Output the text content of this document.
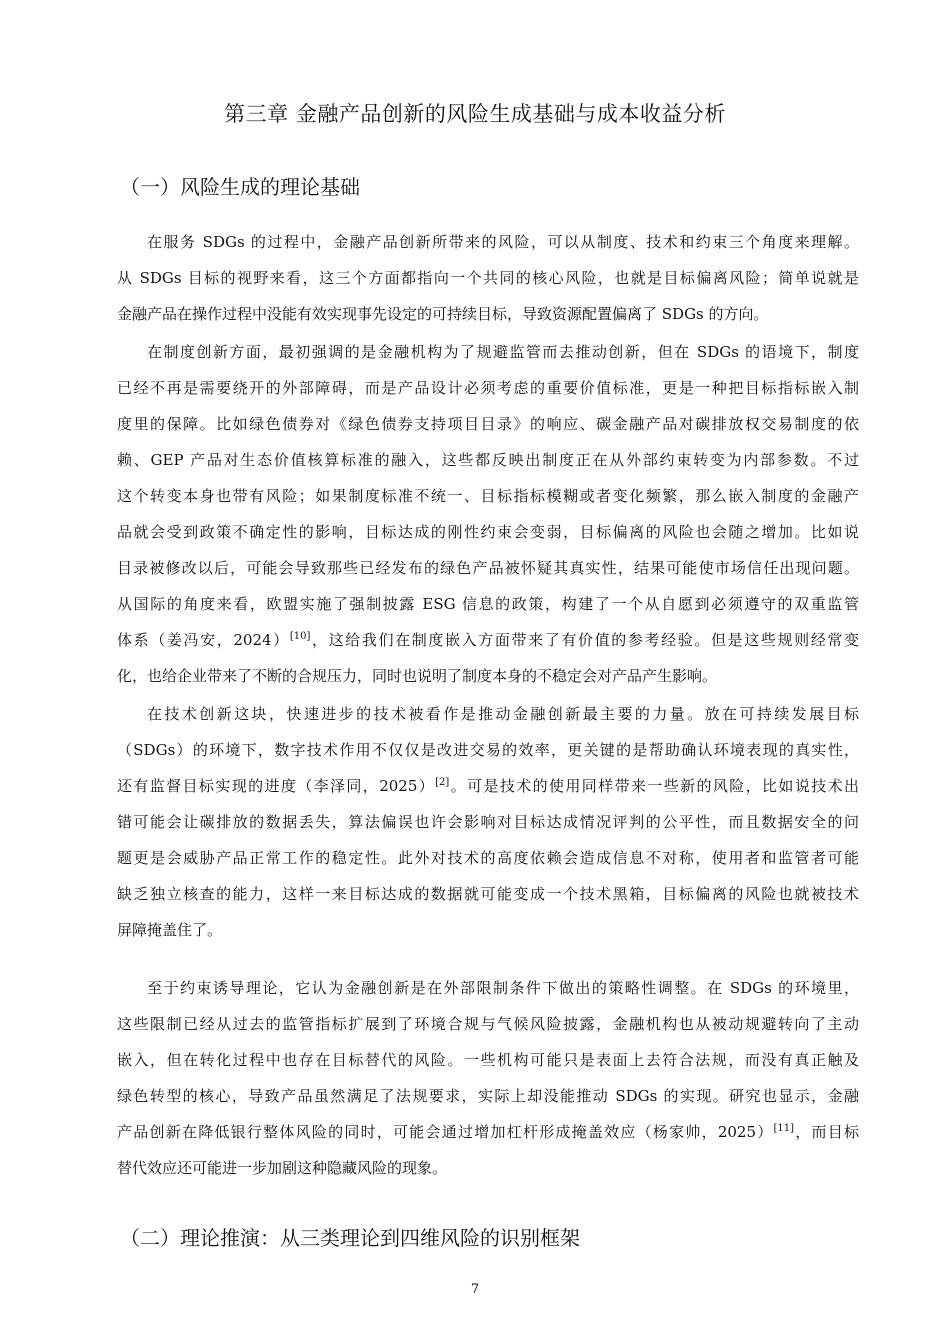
第三章 金融产品创新的风险生成基础与成本收益分析
（一）风险生成的理论基础
在服务 SDGs 的过程中，金融产品创新所带来的风险，可以从制度、技术和约束三个角度来理解。
从 SDGs 目标的视野来看，这三个方面都指向一个共同的核心风险，也就是目标偏离风险；简单说就是
金融产品在操作过程中没能有效实现事先设定的可持续目标，导致资源配置偏离了 SDGs 的方向。
在制度创新方面，最初强调的是金融机构为了规避监管而去推动创新，但在 SDGs 的语境下，制度
已经不再是需要绕开的外部障碍，而是产品设计必须考虑的重要价值标准，更是一种把目标指标嵌入制
度里的保障。比如绿色债券对《绿色债券支持项目目录》的响应、碳金融产品对碳排放权交易制度的依
赖、GEP 产品对生态价值核算标准的融入，这些都反映出制度正在从外部约束转变为内部参数。不过
这个转变本身也带有风险；如果制度标准不统一、目标指标模糊或者变化频繁，那么嵌入制度的金融产
品就会受到政策不确定性的影响，目标达成的刚性约束会变弱，目标偏离的风险也会随之增加。比如说
目录被修改以后，可能会导致那些已经发布的绿色产品被怀疑其真实性，结果可能使市场信任出现问题。
从国际的角度来看，欧盟实施了强制披露 ESG 信息的政策，构建了一个从自愿到必须遵守的双重监管
体系（姜冯安，2024）[10]，这给我们在制度嵌入方面带来了有价值的参考经验。但是这些规则经常变
化，也给企业带来了不断的合规压力，同时也说明了制度本身的不稳定会对产品产生影响。
在技术创新这块，快速进步的技术被看作是推动金融创新最主要的力量。放在可持续发展目标
（SDGs）的环境下，数字技术作用不仅仅是改进交易的效率，更关键的是帮助确认环境表现的真实性，
还有监督目标实现的进度（李泽同，2025）[2]。可是技术的使用同样带来一些新的风险，比如说技术出
错可能会让碳排放的数据丢失，算法偏误也许会影响对目标达成情况评判的公平性，而且数据安全的问
题更是会威胁产品正常工作的稳定性。此外对技术的高度依赖会造成信息不对称，使用者和监管者可能
缺乏独立核查的能力，这样一来目标达成的数据就可能变成一个技术黑箱，目标偏离的风险也就被技术
屏障掩盖住了。
至于约束诱导理论，它认为金融创新是在外部限制条件下做出的策略性调整。在 SDGs 的环境里，
这些限制已经从过去的监管指标扩展到了环境合规与气候风险披露，金融机构也从被动规避转向了主动
嵌入，但在转化过程中也存在目标替代的风险。一些机构可能只是表面上去符合法规，而没有真正触及
绿色转型的核心，导致产品虽然满足了法规要求，实际上却没能推动 SDGs 的实现。研究也显示，金融
产品创新在降低银行整体风险的同时，可能会通过增加杠杆形成掩盖效应（杨家帅，2025）[11]，而目标
替代效应还可能进一步加剧这种隐藏风险的现象。
（二）理论推演：从三类理论到四维风险的识别框架
7
